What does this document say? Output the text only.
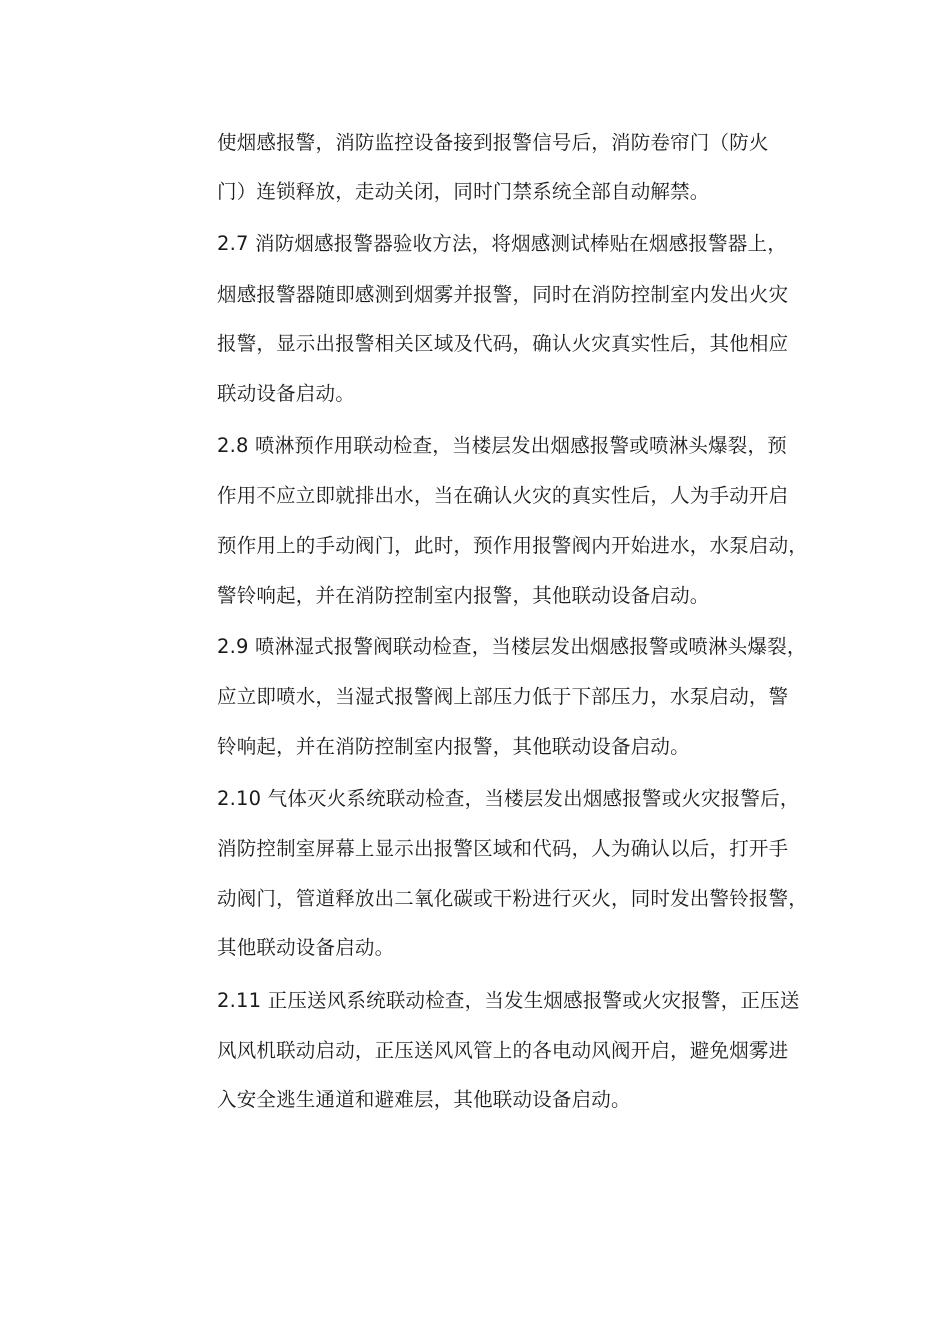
使烟感报警，消防监控设备接到报警信号后，消防卷帘门（防火
门）连锁释放，走动关闭，同时门禁系统全部自动解禁。
2.7 消防烟感报警器验收方法，将烟感测试棒贴在烟感报警器上，
烟感报警器随即感测到烟雾并报警，同时在消防控制室内发出火灾
报警，显示出报警相关区域及代码，确认火灾真实性后，其他相应
联动设备启动。
2.8 喷淋预作用联动检查，当楼层发出烟感报警或喷淋头爆裂，预
作用不应立即就排出水，当在确认火灾的真实性后，人为手动开启
预作用上的手动阀门，此时，预作用报警阀内开始进水，水泵启动，
警铃响起，并在消防控制室内报警，其他联动设备启动。
2.9 喷淋湿式报警阀联动检查，当楼层发出烟感报警或喷淋头爆裂，
应立即喷水，当湿式报警阀上部压力低于下部压力，水泵启动，警
铃响起，并在消防控制室内报警，其他联动设备启动。
2.10 气体灭火系统联动检查，当楼层发出烟感报警或火灾报警后，
消防控制室屏幕上显示出报警区域和代码，人为确认以后，打开手
动阀门，管道释放出二氧化碳或干粉进行灭火，同时发出警铃报警，
其他联动设备启动。
2.11 正压送风系统联动检查，当发生烟感报警或火灾报警，正压送
风风机联动启动，正压送风风管上的各电动风阀开启，避免烟雾进
入安全逃生通道和避难层，其他联动设备启动。
